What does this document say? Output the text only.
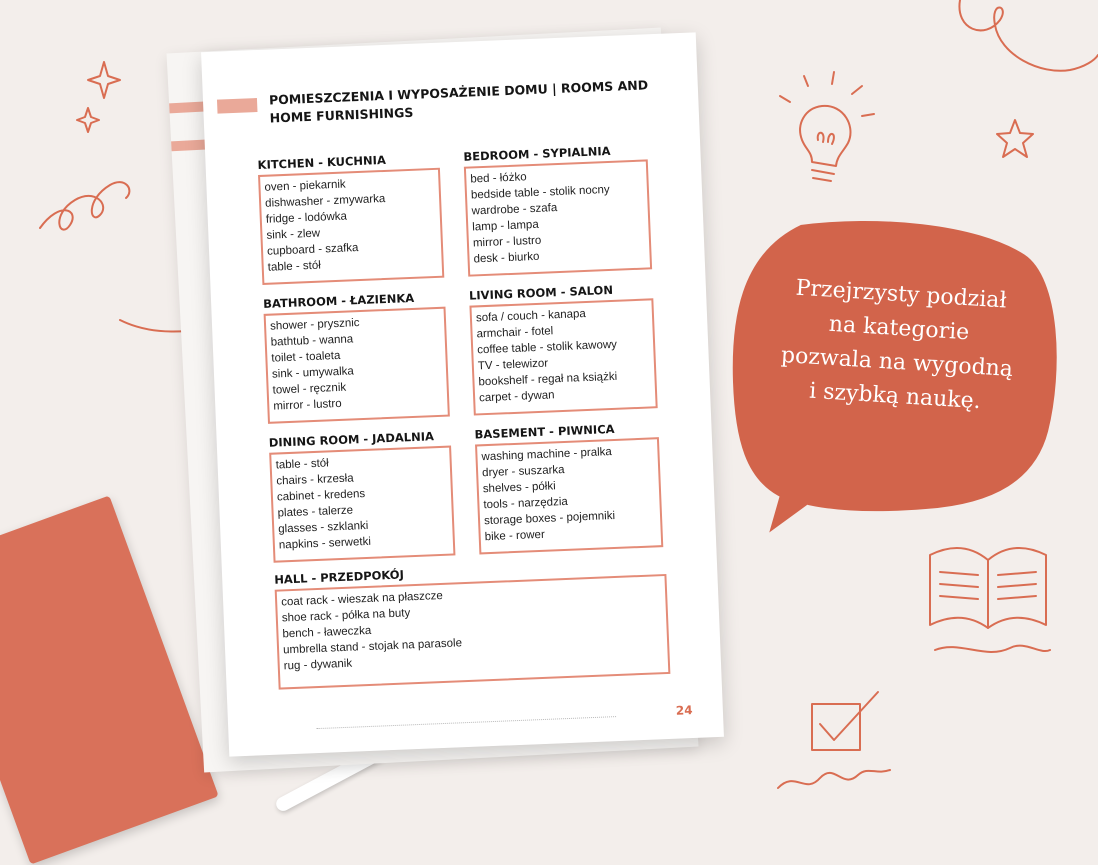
POMIESZCZENIA I WYPOSAŻENIE DOMU | ROOMS AND HOME FURNISHINGS
KITCHEN - KUCHNIA
oven - piekarnik
dishwasher - zmywarka
fridge - lodówka
sink - zlew
cupboard - szafka
table - stół
BEDROOM - SYPIALNIA
bed - łóżko
bedside table - stolik nocny
wardrobe - szafa
lamp - lampa
mirror - lustro
desk - biurko
BATHROOM - ŁAZIENKA
shower - prysznic
bathtub - wanna
toilet - toaleta
sink - umywalka
towel - ręcznik
mirror - lustro
LIVING ROOM - SALON
sofa / couch - kanapa
armchair - fotel
coffee table - stolik kawowy
TV - telewizor
bookshelf - regał na książki
carpet - dywan
DINING ROOM - JADALNIA
table - stół
chairs - krzesła
cabinet - kredens
plates - talerze
glasses - szklanki
napkins - serwetki
BASEMENT - PIWNICA
washing machine - pralka
dryer - suszarka
shelves - półki
tools - narzędzia
storage boxes - pojemniki
bike - rower
HALL - PRZEDPOKÓJ
coat rack - wieszak na płaszcze
shoe rack - półka na buty
bench - ławeczka
umbrella stand - stojak na parasole
rug - dywanik
24
Przejrzysty podział
na kategorie
pozwala na wygodną
i szybką naukę.
